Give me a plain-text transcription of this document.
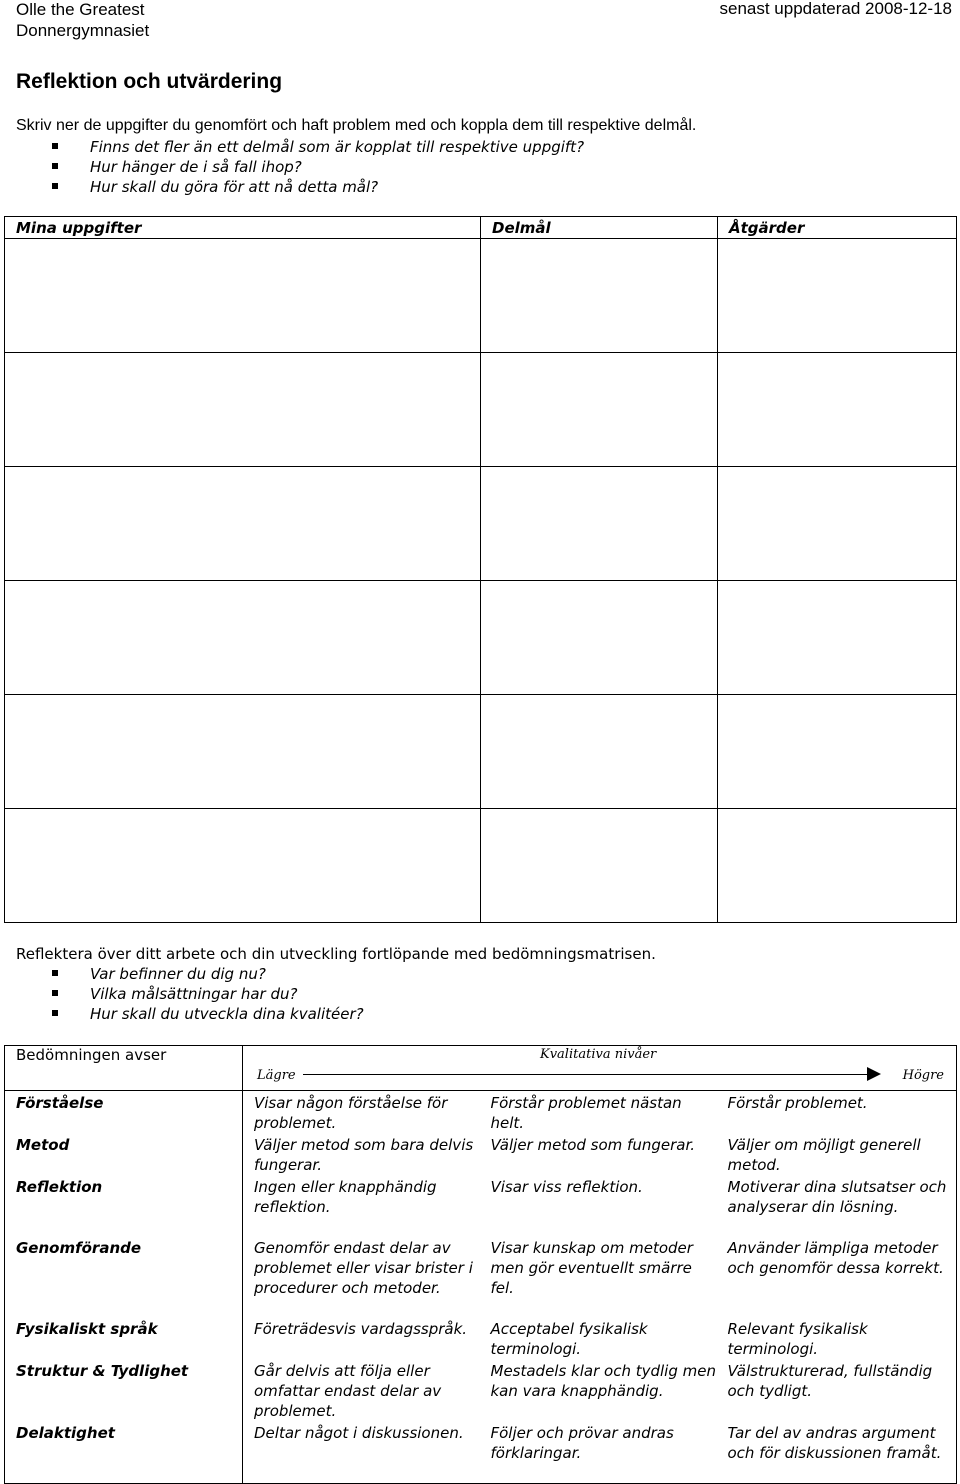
Olle the Greatest
Donnergymnasiet
senast uppdaterad 2008-12-18
Reflektion och utvärdering
Skriv ner de uppgifter du genomfört och haft problem med och koppla dem till respektive delmål.
Finns det fler än ett delmål som är kopplat till respektive uppgift?
Hur hänger de i så fall ihop?
Hur skall du göra för att nå detta mål?
Mina uppgifter	Delmål	Åtgärder

Reflektera över ditt arbete och din utveckling fortlöpande med bedömningsmatrisen.
Var befinner du dig nu?
Vilka målsättningar har du?
Hur skall du utveckla dina kvalitéer?
Bedömningen avser	Kvalitativa nivåer
Lägre Högre		

Förståelse	Visar någon förståelse för problemet.	Förstår problemet nästan helt.	Förstår problemet.
Metod	Väljer metod som bara delvis fungerar.	Väljer metod som fungerar.	Väljer om möjligt generell metod.
Reflektion	Ingen eller knapphändig reflektion.	Visar viss reflektion.	Motiverar dina slutsatser och analyserar din lösning.
Genomförande	Genomför endast delar av problemet eller visar brister i procedurer och metoder.	Visar kunskap om metoder men gör eventuellt smärre fel.	Använder lämpliga metoder och genomför dessa korrekt.
Fysikaliskt språk	Företrädesvis vardagsspråk.	Acceptabel fysikalisk terminologi.	Relevant fysikalisk terminologi.
Struktur & Tydlighet	Går delvis att följa eller omfattar endast delar av problemet.	Mestadels klar och tydlig men kan vara knapphändig.	Välstrukturerad, fullständig och tydligt.
Delaktighet	Deltar något i diskussionen.	Följer och prövar andras förklaringar.	Tar del av andras argument och för diskussionen framåt.
